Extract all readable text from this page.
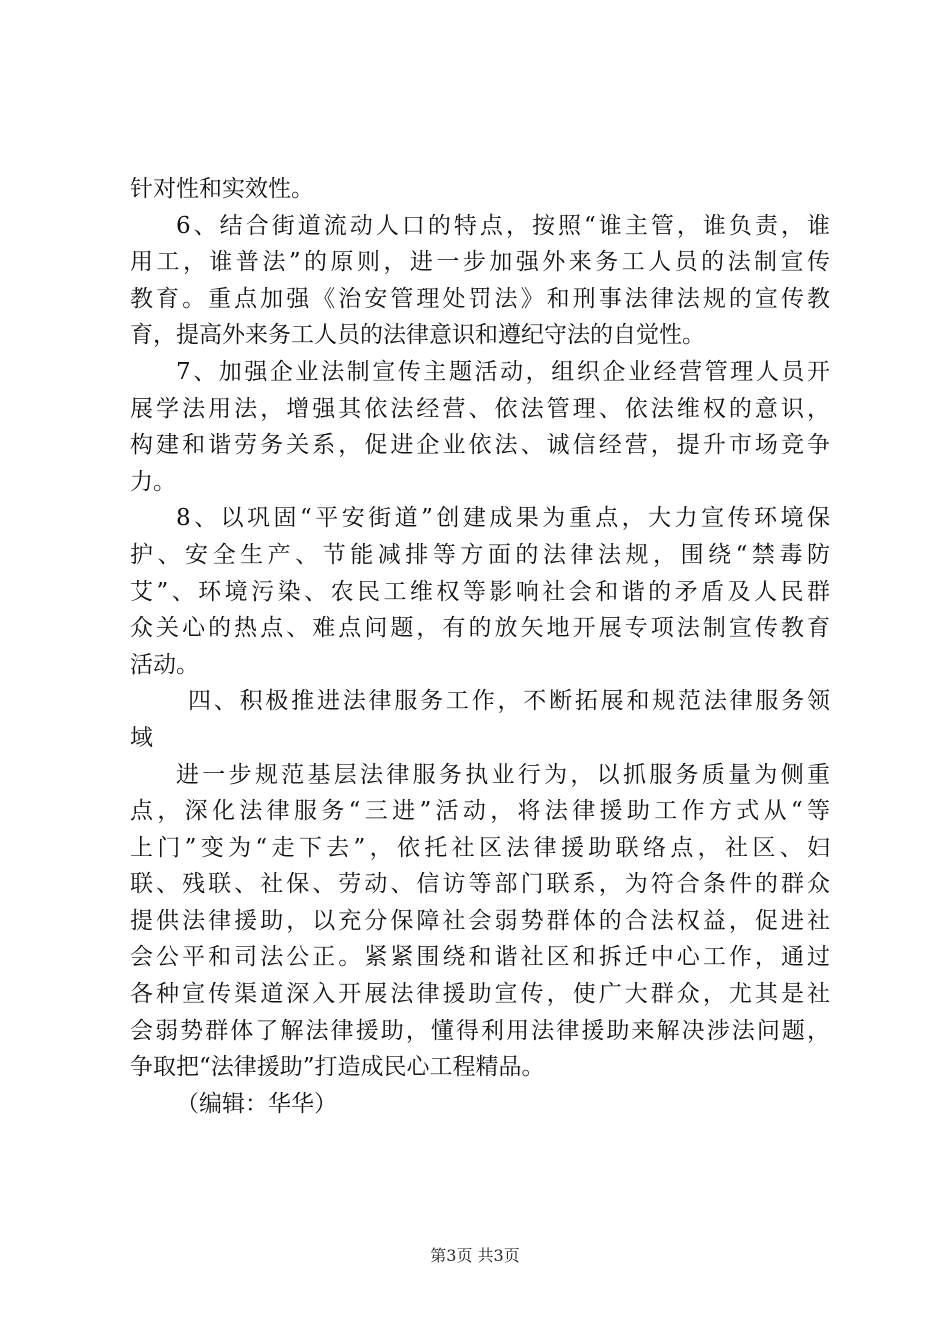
针对性和实效性。
6、结合街道流动人口的特点，按照“谁主管，谁负责，谁
用工，谁普法”的原则，进一步加强外来务工人员的法制宣传
教育。重点加强《治安管理处罚法》和刑事法律法规的宣传教
育，提高外来务工人员的法律意识和遵纪守法的自觉性。
7、加强企业法制宣传主题活动，组织企业经营管理人员开
展学法用法，增强其依法经营、依法管理、依法维权的意识，
构建和谐劳务关系，促进企业依法、诚信经营，提升市场竞争
力。
8、以巩固“平安街道”创建成果为重点，大力宣传环境保
护、安全生产、节能减排等方面的法律法规，围绕“禁毒防
艾”、环境污染、农民工维权等影响社会和谐的矛盾及人民群
众关心的热点、难点问题，有的放矢地开展专项法制宣传教育
活动。
四、积极推进法律服务工作，不断拓展和规范法律服务领
域
进一步规范基层法律服务执业行为，以抓服务质量为侧重
点，深化法律服务“三进”活动，将法律援助工作方式从“等
上门”变为“走下去”，依托社区法律援助联络点，社区、妇
联、残联、社保、劳动、信访等部门联系，为符合条件的群众
提供法律援助，以充分保障社会弱势群体的合法权益，促进社
会公平和司法公正。紧紧围绕和谐社区和拆迁中心工作，通过
各种宣传渠道深入开展法律援助宣传，使广大群众，尤其是社
会弱势群体了解法律援助，懂得利用法律援助来解决涉法问题，
争取把“法律援助”打造成民心工程精品。
（编辑：华华）
第3页 共3页
